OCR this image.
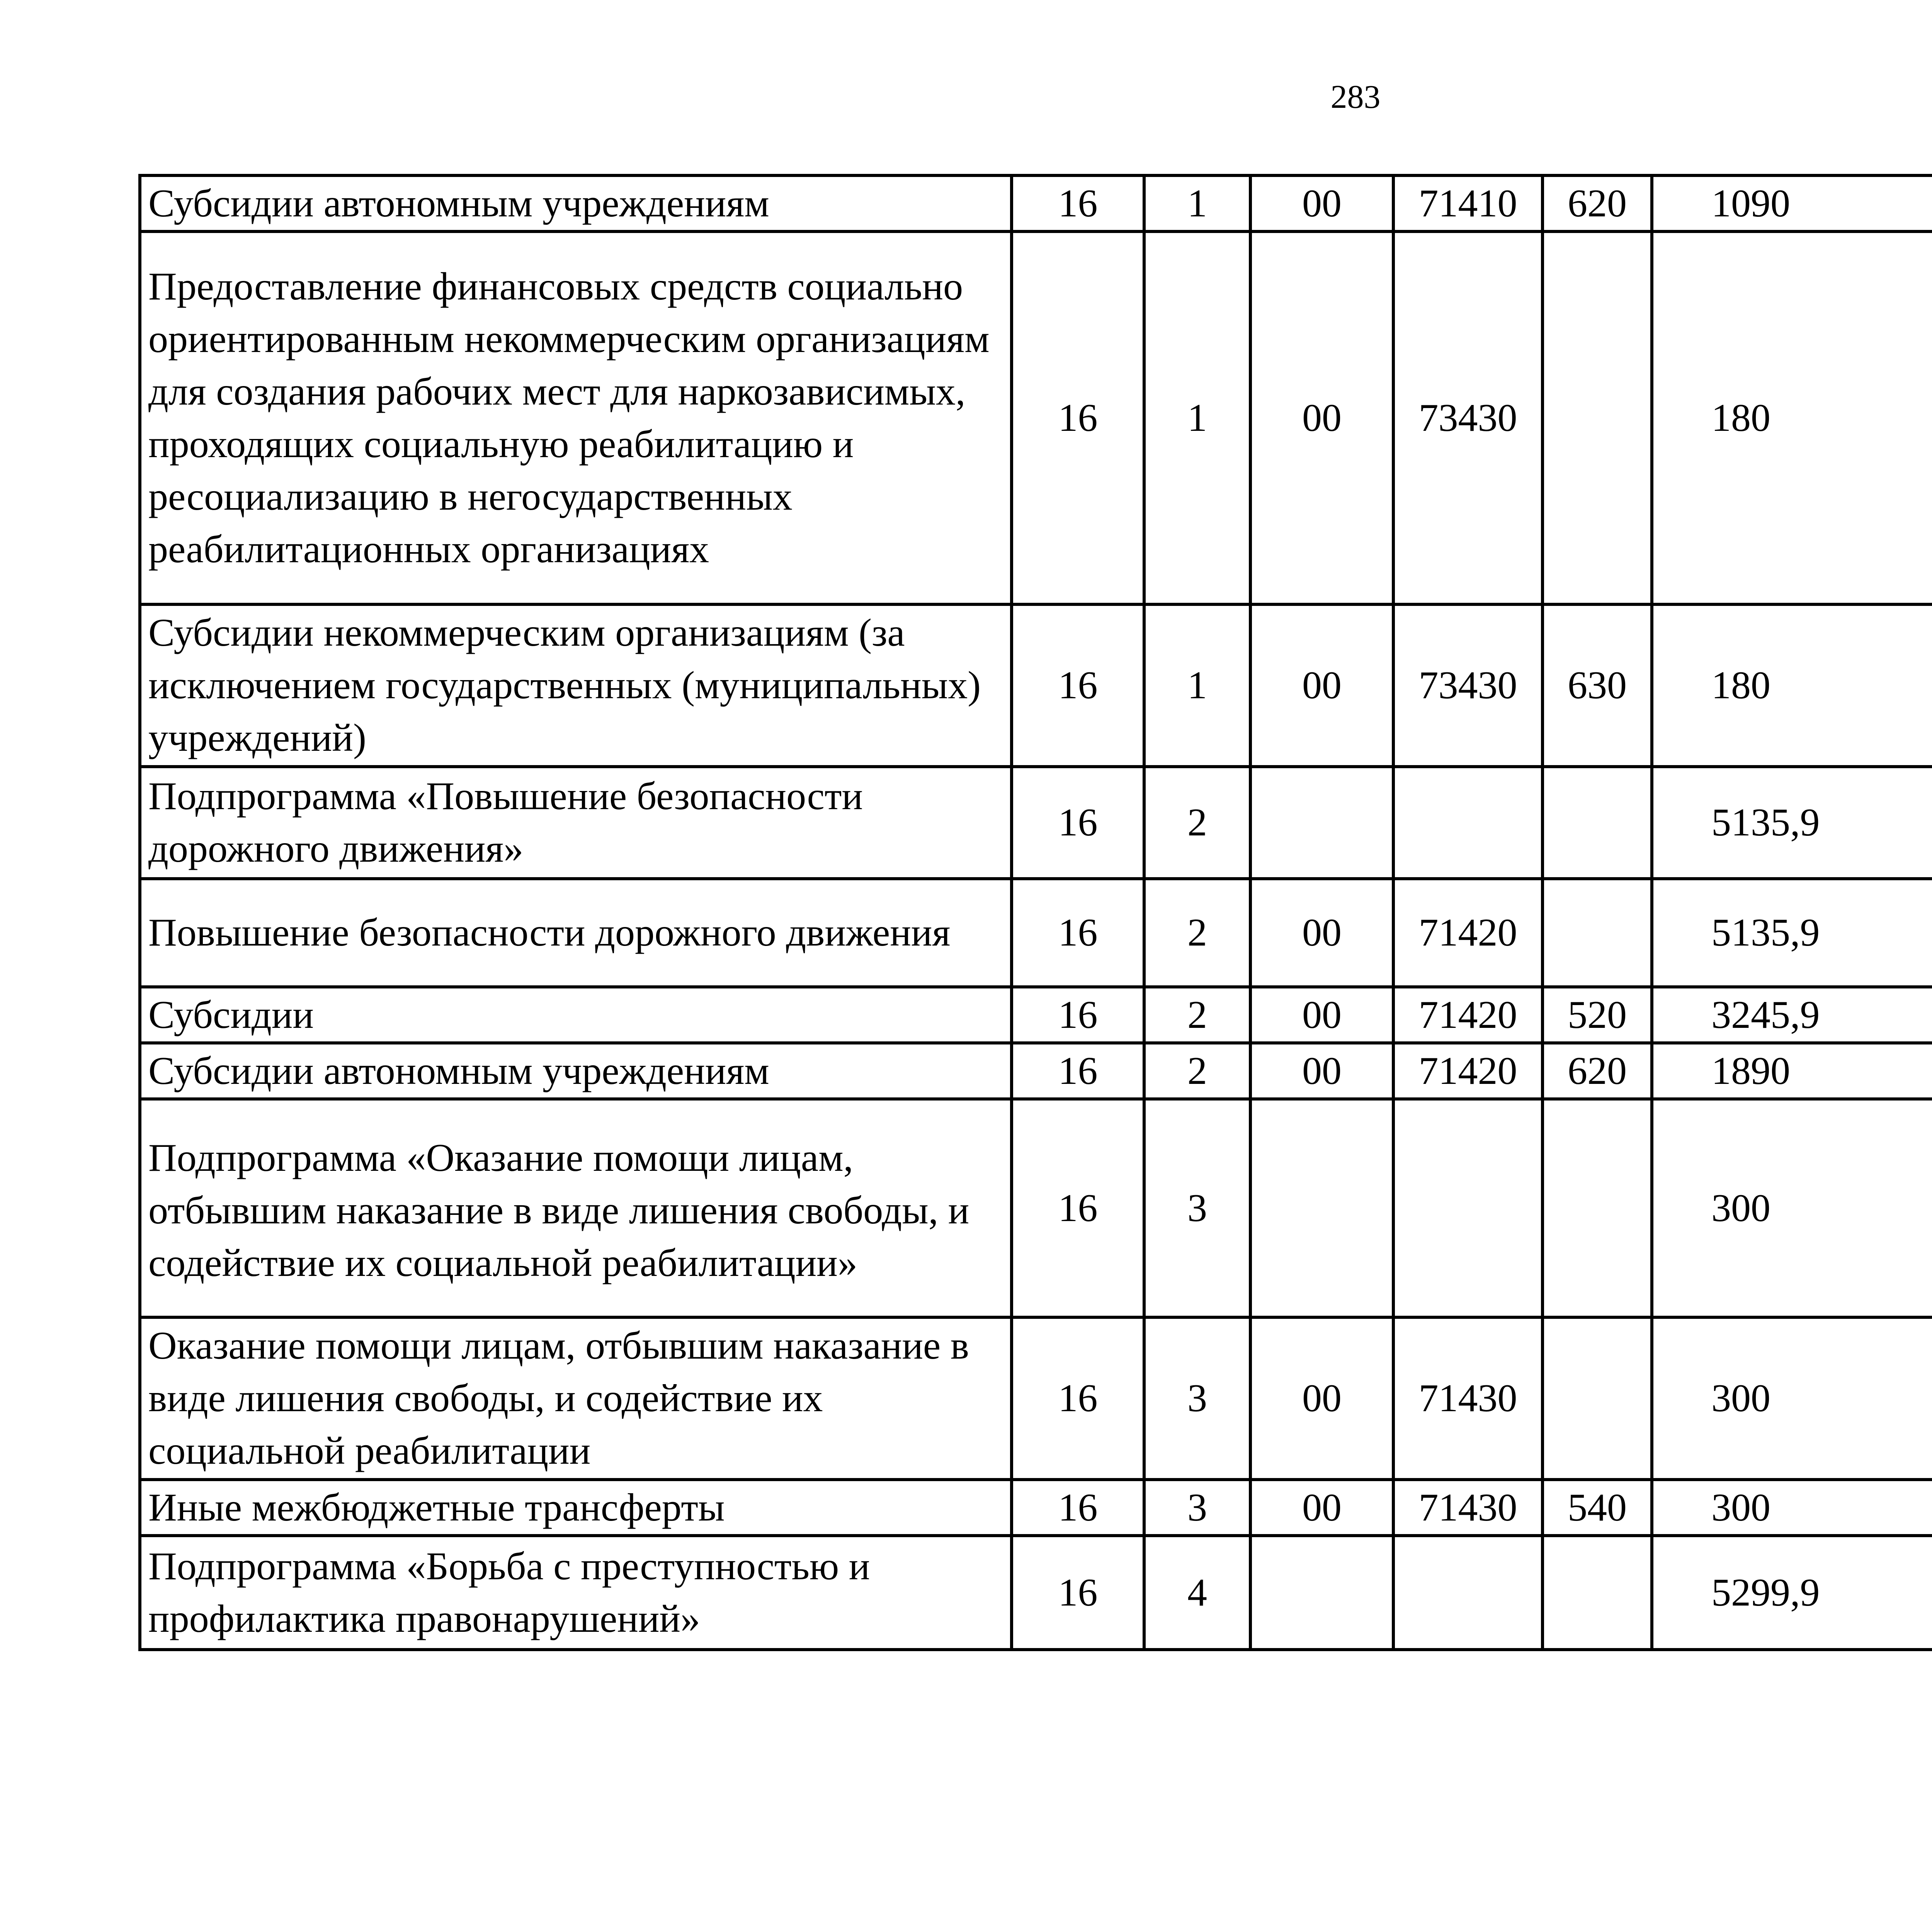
283
Субсидии автономным учреждениям	16	1	00	71410	620	1090		
Предоставление финансовых средств социально ориентированным некоммерческим организациям для создания рабочих мест для наркозависимых, проходящих социальную реабилитацию и ресоциализацию в негосударственных реабилитационных организациях	16	1	00	73430		180		
Субсидии некоммерческим организациям (за исключением государственных (муниципальных) учреждений)	16	1	00	73430	630	180		
Подпрограмма «Повышение безопасности дорожного движения»	16	2				5135,9		
Повышение безопасности дорожного движения	16	2	00	71420		5135,9		
Субсидии	16	2	00	71420	520	3245,9		
Субсидии автономным учреждениям	16	2	00	71420	620	1890		
Подпрограмма «Оказание помощи лицам, отбывшим наказание в виде лишения свободы, и содействие их социальной реабилитации»	16	3				300		
Оказание помощи лицам, отбывшим наказание в виде лишения свободы, и содействие их социальной реабилитации	16	3	00	71430		300		
Иные межбюджетные трансферты	16	3	00	71430	540	300		
Подпрограмма «Борьба с преступностью и профилактика правонарушений»	16	4				5299,9		
